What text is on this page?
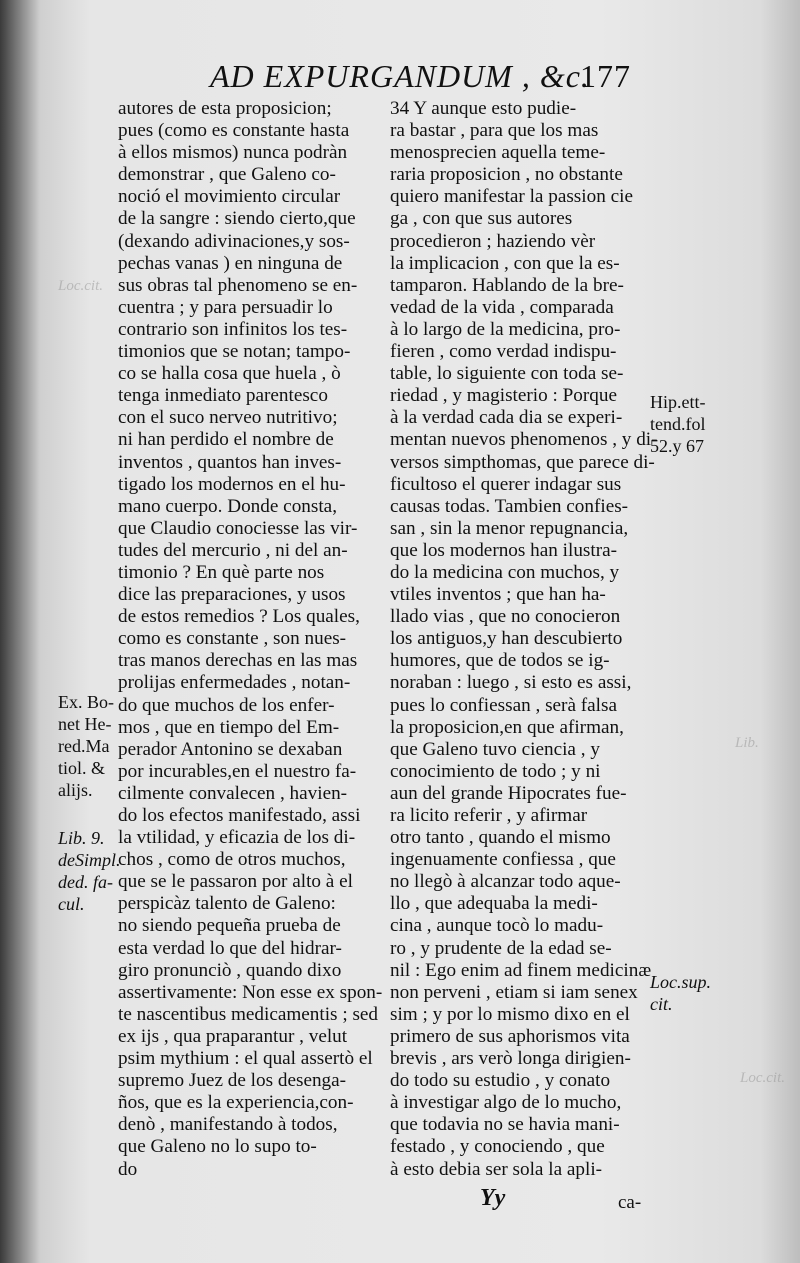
Loc.cit.
Lib.
Loc.cit.
AD EXPURGANDUM , &c.
177
autores de esta proposicion;
pues (como es constante hasta
à ellos mismos) nunca podràn
demonstrar , que Galeno co-
noció el movimiento circular
de la sangre : siendo cierto,que
(dexando adivinaciones,y sos-
pechas vanas ) en ninguna de
sus obras tal phenomeno se en-
cuentra ; y para persuadir lo
contrario son infinitos los tes-
timonios que se notan; tampo-
co se halla cosa que huela , ò
tenga inmediato parentesco
con el suco nerveo nutritivo;
ni han perdido el nombre de
inventos , quantos han inves-
tigado los modernos en el hu-
mano cuerpo. Donde consta,
que Claudio conociesse las vir-
tudes del mercurio , ni del an-
timonio ? En què parte nos
dice las preparaciones, y usos
de estos remedios ? Los quales,
como es constante , son nues-
tras manos derechas en las mas
prolijas enfermedades , notan-
do que muchos de los enfer-
mos , que en tiempo del Em-
perador Antonino se dexaban
por incurables,en el nuestro fa-
cilmente convalecen , havien-
do los efectos manifestado, assi
la vtilidad, y eficazia de los di-
chos , como de otros muchos,
que se le passaron por alto à el
perspicàz talento de Galeno:
no siendo pequeña prueba de
esta verdad lo que del hidrar-
giro pronunciò , quando dixo
assertivamente: Non esse ex spon-
te nascentibus medicamentis ; sed
ex ijs , qua praparantur , velut
psim mythium : el qual assertò el
supremo Juez de los desenga-
ños, que es la experiencia,con-
denò , manifestando à todos,
que Galeno no lo supo to-
do
34 Y aunque esto pudie-
ra bastar , para que los mas
menosprecien aquella teme-
raria proposicion , no obstante
quiero manifestar la passion cie
ga , con que sus autores
procedieron ; haziendo vèr
la implicacion , con que la es-
tamparon. Hablando de la bre-
vedad de la vida , comparada
à lo largo de la medicina, pro-
fieren , como verdad indispu-
table, lo siguiente con toda se-
riedad , y magisterio : Porque
à la verdad cada dia se experi-
mentan nuevos phenomenos , y di-
versos simpthomas, que parece di-
ficultoso el querer indagar sus
causas todas. Tambien confies-
san , sin la menor repugnancia,
que los modernos han ilustra-
do la medicina con muchos, y
vtiles inventos ; que han ha-
llado vias , que no conocieron
los antiguos,y han descubierto
humores, que de todos se ig-
noraban : luego , si esto es assi,
pues lo confiessan , serà falsa
la proposicion,en que afirman,
que Galeno tuvo ciencia , y
conocimiento de todo ; y ni
aun del grande Hipocrates fue-
ra licito referir , y afirmar
otro tanto , quando el mismo
ingenuamente confiessa , que
no llegò à alcanzar todo aque-
llo , que adequaba la medi-
cina , aunque tocò lo madu-
ro , y prudente de la edad se-
nil : Ego enim ad finem medicinæ
non perveni , etiam si iam senex
sim ; y por lo mismo dixo en el
primero de sus aphorismos vita
brevis , ars verò longa dirigien-
do todo su estudio , y conato
à investigar algo de lo mucho,
que todavia no se havia mani-
festado , y conociendo , que
à esto debia ser sola la apli-
Ex. Bo-
net He-
red.Ma
tiol. &
alijs.
Lib. 9.
deSimpl.
ded. fa-
cul.
Hip.ett-
tend.fol
52.y 67
Loc.sup.
cit.
Yy	ca-
